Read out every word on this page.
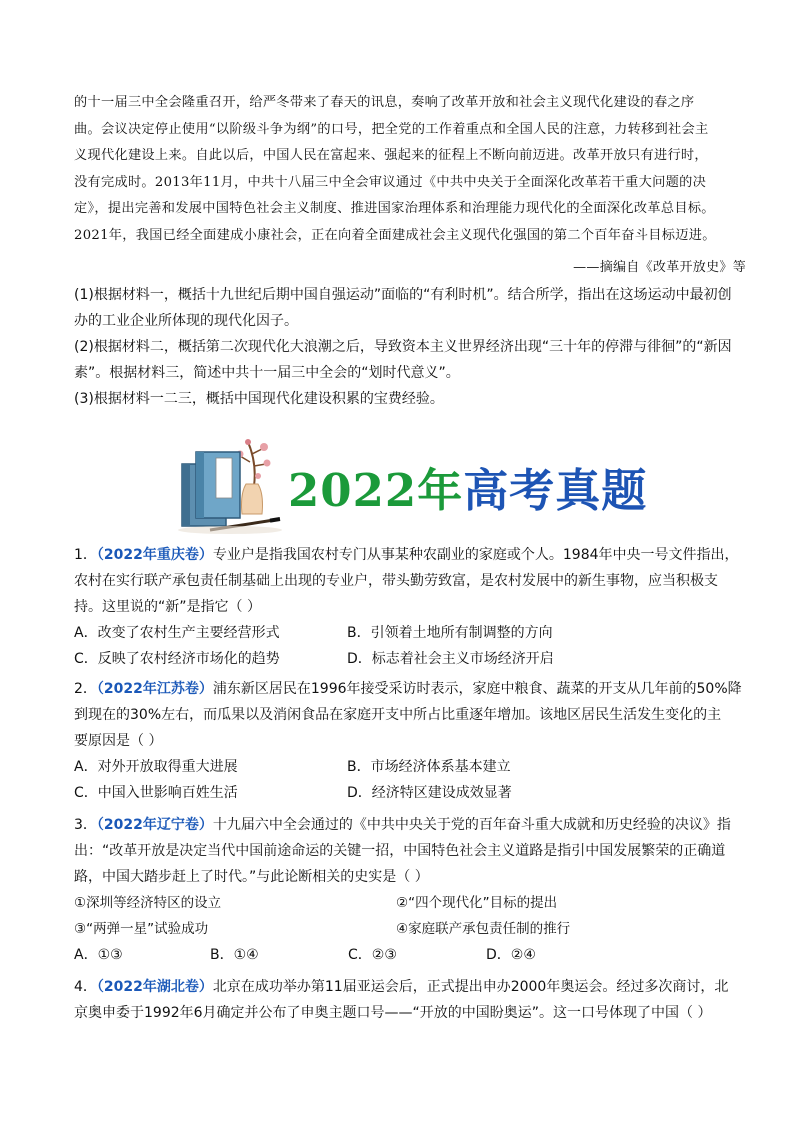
的十一届三中全会隆重召开，给严冬带来了春天的讯息，奏响了改革开放和社会主义现代化建设的春之序

曲。会议决定停止使用“以阶级斗争为纲”的口号，把全党的工作着重点和全国人民的注意，力转移到社会主

义现代化建设上来。自此以后，中国人民在富起来、强起来的征程上不断向前迈进。改革开放只有进行时，

没有完成时。2013年11月，中共十八届三中全会审议通过《中共中央关于全面深化改革若干重大问题的决

定》，提出完善和发展中国特色社会主义制度、推进国家治理体系和治理能力现代化的全面深化改革总目标。

2021年，我国已经全面建成小康社会，正在向着全面建成社会主义现代化强国的第二个百年奋斗目标迈进。

——摘编自《改革开放史》等

(1)根据材料一，概括十九世纪后期中国自强运动”面临的“有利时机”。结合所学，指出在这场运动中最初创

办的工业企业所体现的现代化因子。

(2)根据材料二，概括第二次现代化大浪潮之后，导致资本主义世界经济出现“三十年的停滞与徘徊”的“新因

素”。根据材料三，简述中共十一届三中全会的“划时代意义”。

(3)根据材料一二三，概括中国现代化建设积累的宝费经验。

2022年高考真题
1．（2022年重庆卷）专业户是指我国农村专门从事某种农副业的家庭或个人。1984年中央一号文件指出，
农村在实行联产承包责任制基础上出现的专业户，带头勤劳致富，是农村发展中的新生事物，应当积极支
持。这里说的“新”是指它（ ）
A．改变了农村生产主要经营形式	B．引领着土地所有制调整的方向
C．反映了农村经济市场化的趋势	D．标志着社会主义市场经济开启
2．（2022年江苏卷）浦东新区居民在1996年接受采访时表示，家庭中粮食、蔬菜的开支从几年前的50%降
到现在的30%左右，而瓜果以及消闲食品在家庭开支中所占比重逐年增加。该地区居民生活发生变化的主
要原因是（ ）
A．对外开放取得重大进展	B．市场经济体系基本建立
C．中国入世影响百姓生活	D．经济特区建设成效显著
3．（2022年辽宁卷）十九届六中全会通过的《中共中央关于党的百年奋斗重大成就和历史经验的决议》指
出：“改革开放是决定当代中国前途命运的关键一招，中国特色社会主义道路是指引中国发展繁荣的正确道
路，中国大踏步赶上了时代。”与此论断相关的史实是（ ）
①深圳等经济特区的设立	②“四个现代化”目标的提出
③“两弹一星”试验成功	④家庭联产承包责任制的推行
A．①③	B．①④	C．②③	D．②④
4．（2022年湖北卷）北京在成功举办第11届亚运会后，正式提出申办2000年奥运会。经过多次商讨，北
京奥申委于1992年6月确定并公布了申奥主题口号——“开放的中国盼奥运”。这一口号体现了中国（ ）
